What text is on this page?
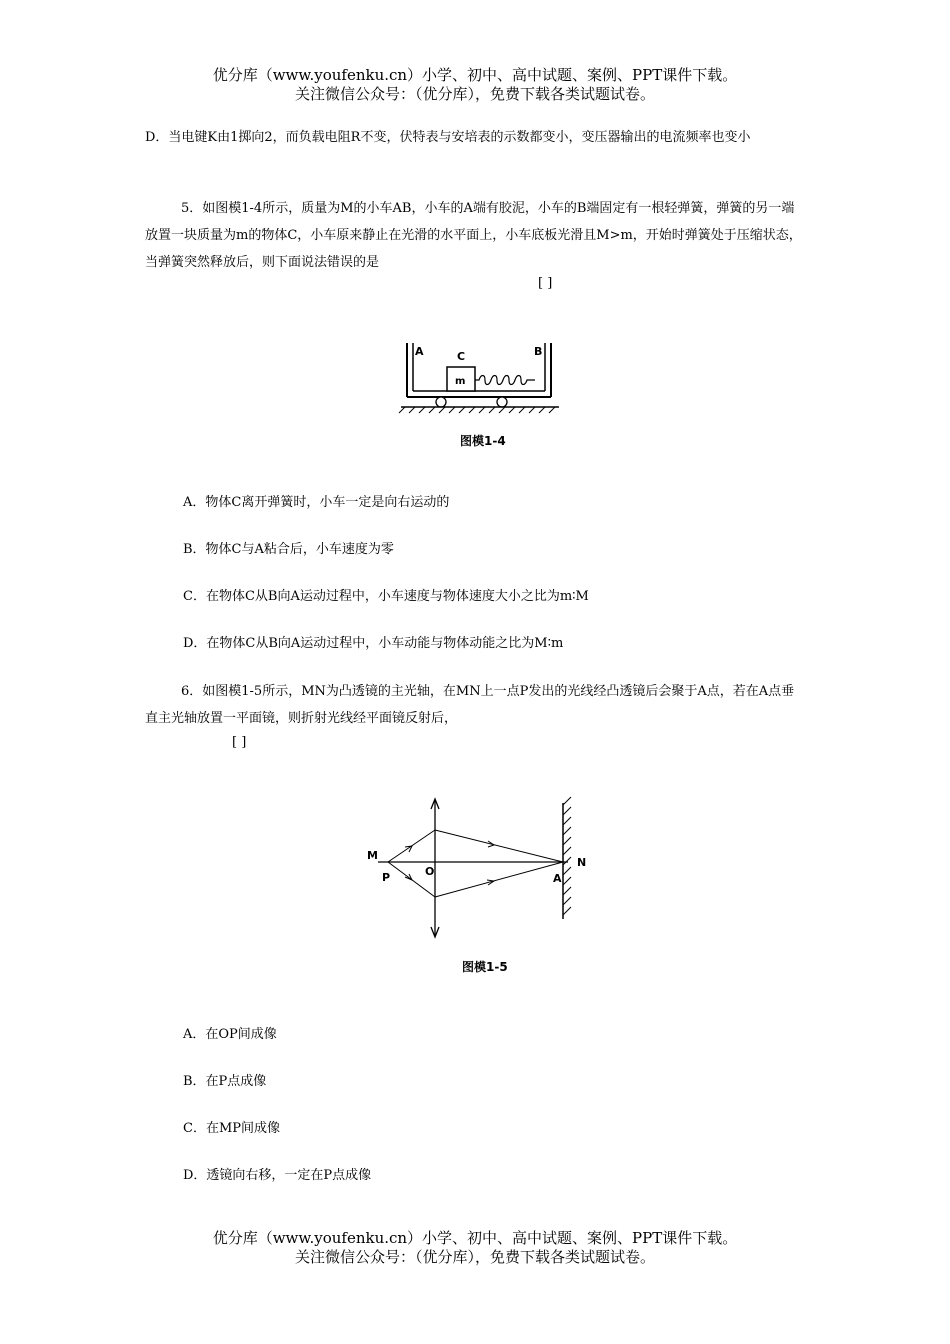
优分库（www.youfenku.cn）小学、初中、高中试题、案例、PPT课件下载。
关注微信公众号：（优分库），免费下载各类试题试卷。
D．当电键K由1掷向2，而负载电阻R不变，伏特表与安培表的示数都变小，变压器输出的电流频率也变小
5．如图模1-4所示，质量为M的小车AB，小车的A端有胶泥，小车的B端固定有一根轻弹簧，弹簧的另一端放置一块质量为m的物体C，小车原来静止在光滑的水平面上，小车底板光滑且M>m，开始时弹簧处于压缩状态，当弹簧突然释放后，则下面说法错误的是
[ ]
A	B
C
m
图模1-4
A．物体C离开弹簧时，小车一定是向右运动的
B．物体C与A粘合后，小车速度为零
C．在物体C从B向A运动过程中，小车速度与物体速度大小之比为m∶M
D．在物体C从B向A运动过程中，小车动能与物体动能之比为M∶m
6．如图模1-5所示，MN为凸透镜的主光轴，在MN上一点P发出的光线经凸透镜后会聚于A点，若在A点垂直主光轴放置一平面镜，则折射光线经平面镜反射后，
[ ]
M
P	O
A
N
图模1-5
A．在OP间成像
B．在P点成像
C．在MP间成像
D．透镜向右移，一定在P点成像
优分库（www.youfenku.cn）小学、初中、高中试题、案例、PPT课件下载。
关注微信公众号：（优分库），免费下载各类试题试卷。
